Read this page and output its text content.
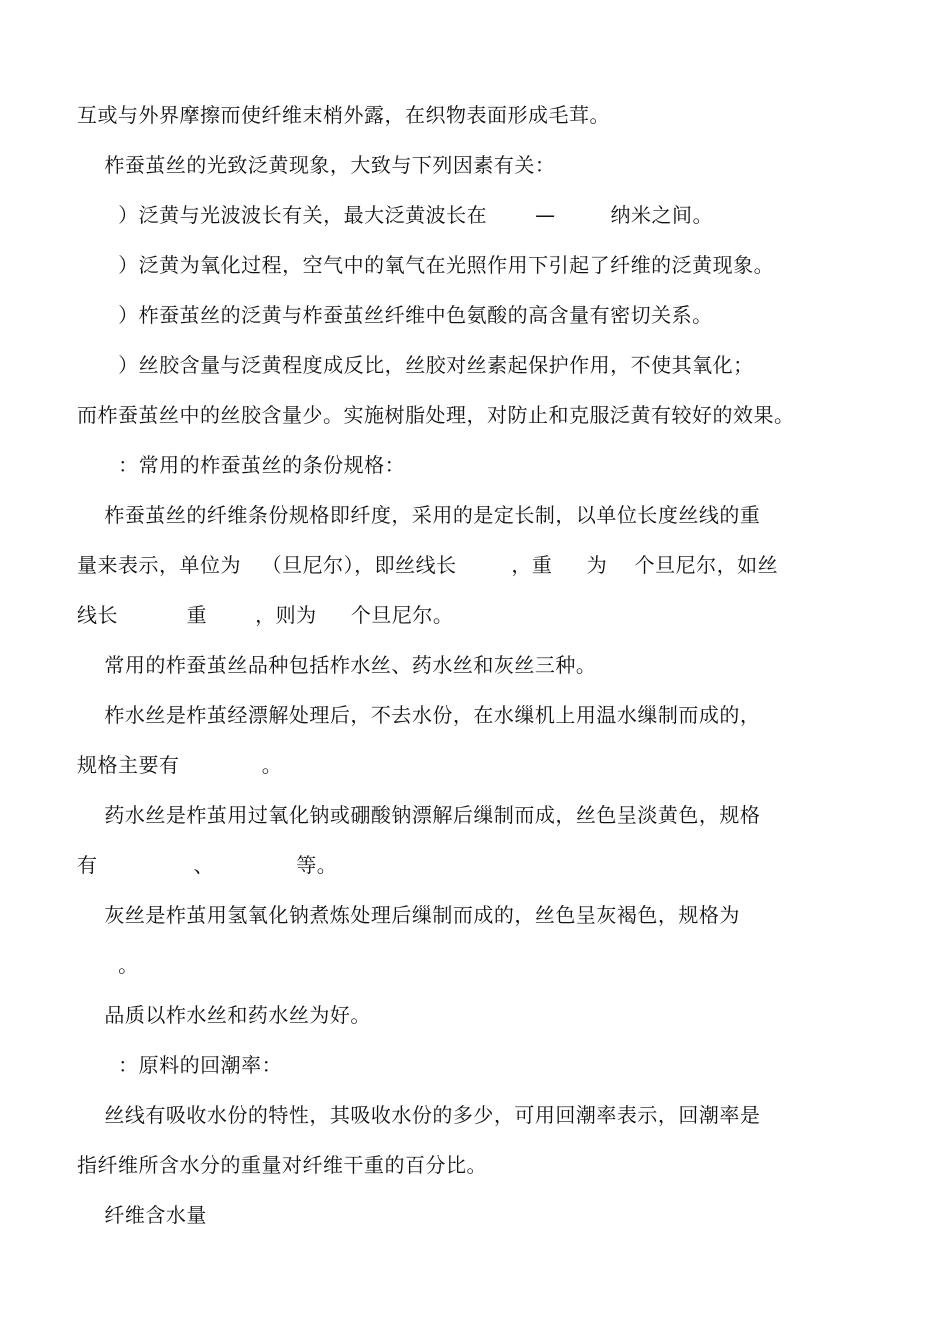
互或与外界摩擦而使纤维末梢外露，在织物表面形成毛茸。
柞蚕茧丝的光致泛黄现象，大致与下列因素有关：
）泛黄与光波波长有关，最大泛黄波长在       —        纳米之间。
）泛黄为氧化过程，空气中的氧气在光照作用下引起了纤维的泛黄现象。
）柞蚕茧丝的泛黄与柞蚕茧丝纤维中色氨酸的高含量有密切关系。
）丝胶含量与泛黄程度成反比，丝胶对丝素起保护作用，不使其氧化；
而柞蚕茧丝中的丝胶含量少。实施树脂处理，对防止和克服泛黄有较好的效果。
：常用的柞蚕茧丝的条份规格：
柞蚕茧丝的纤维条份规格即纤度，采用的是定长制，以单位长度丝线的重
量来表示，单位为   （旦尼尔），即丝线长        ，重     为    个旦尼尔，如丝
线长          重       ，则为     个旦尼尔。
常用的柞蚕茧丝品种包括柞水丝、药水丝和灰丝三种。
柞水丝是柞茧经漂解处理后，不去水份，在水缫机上用温水缫制而成的，
规格主要有            。
药水丝是柞茧用过氧化钠或硼酸钠漂解后缫制而成，丝色呈淡黄色，规格
有              、            等。
灰丝是柞茧用氢氧化钠煮炼处理后缫制而成的，丝色呈灰褐色，规格为
。
品质以柞水丝和药水丝为好。
：原料的回潮率：
丝线有吸收水份的特性，其吸收水份的多少，可用回潮率表示，回潮率是
指纤维所含水分的重量对纤维干重的百分比。
纤维含水量
